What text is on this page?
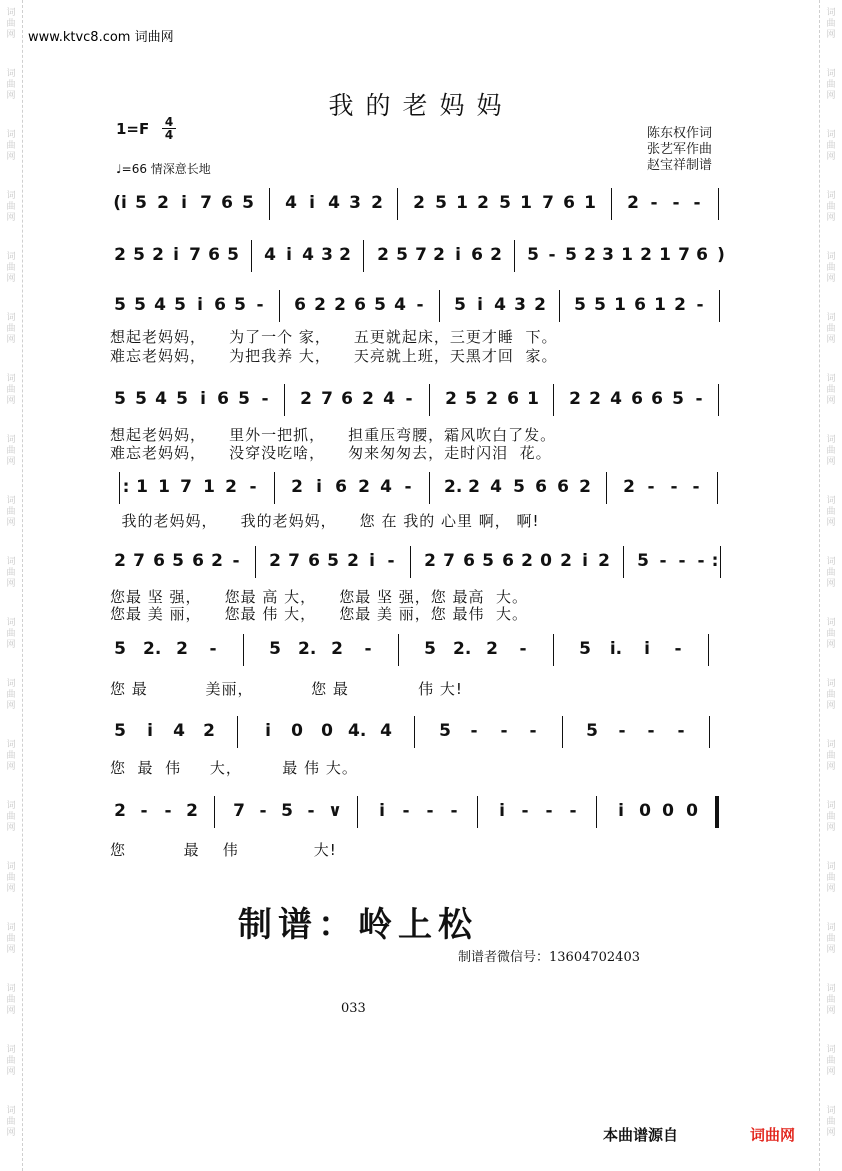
词
曲
网
词
曲
网
词
曲
网
词
曲
网
词
曲
网
词
曲
网
词
曲
网
词
曲
网
词
曲
网
词
曲
网
词
曲
网
词
曲
网
词
曲
网
词
曲
网
词
曲
网
词
曲
网
词
曲
网
词
曲
网
词
曲
网
词
曲
网
词
曲
网
词
曲
网
词
曲
网
词
曲
网
词
曲
网
词
曲
网
词
曲
网
词
曲
网
词
曲
网
词
曲
网
词
曲
网
词
曲
网
词
曲
网
词
曲
网
词
曲
网
词
曲
网
词
曲
网
词
曲
网
www.ktvc8.com 词曲网
我的老妈妈
1=F 4
4
♩=66 情深意长地
陈东权作词
张艺军作曲
赵宝祥制谱
(i 5 2 i 7 6 5 4 i 4 3 2 2 5 1 2 5 1 7 6 1 2 - - -
2 5 2 i 7 6 5 4 i 4 3 2 2 5 7 2 i 6 2 5 - 5 2 3 1 2 1 7 6 )
5 5 4 5 i 6 5 - 6 2 2 6 5 4 - 5 i 4 3 2 5 5 1 6 1 2 -
5 5 4 5 i 6 5 - 2 7 6 2 4 - 2 5 2 6 1 2 2 4 6 6 5 -
: 1 1 7 1 2 - 2 i 6 2 4 - 2. 2 4 5 6 6 2 2 - - -
2 7 6 5 6 2 - 2 7 6 5 2 i - 2 7 6 5 6 2 0 2 i 2 5 - - - :
5 2. 2 -	5 2. 2 -	5 2. 2 -	5 i. i -
5 i 4 2	i 0 0 4. 4	5 - - -	5 - - -
2 - - 2 7 - 5 - ∨ i - - - i - - - i 0 0 0
想起老妈妈，    为了一个 家，    五更就起床，三更才睡  下。
难忘老妈妈，    为把我养 大，    天亮就上班，天黑才回  家。
想起老妈妈，    里外一把抓，    担重压弯腰，霜风吹白了发。
难忘老妈妈，    没穿没吃啥，    匆来匆匆去，走时闪泪  花。
我的老妈妈，    我的老妈妈，    您 在 我的 心里 啊， 啊!
您最 坚 强，    您最 高 大，    您最 坚 强，您 最高  大。
您最 美 丽，    您最 伟 大，    您最 美 丽，您 最伟  大。
您 最          美丽，          您 最            伟 大!
您  最  伟     大，       最 伟 大。
您          最    伟             大!
制谱：岭上松
制谱者微信号：13604702403
033
本曲谱源自	词曲网
